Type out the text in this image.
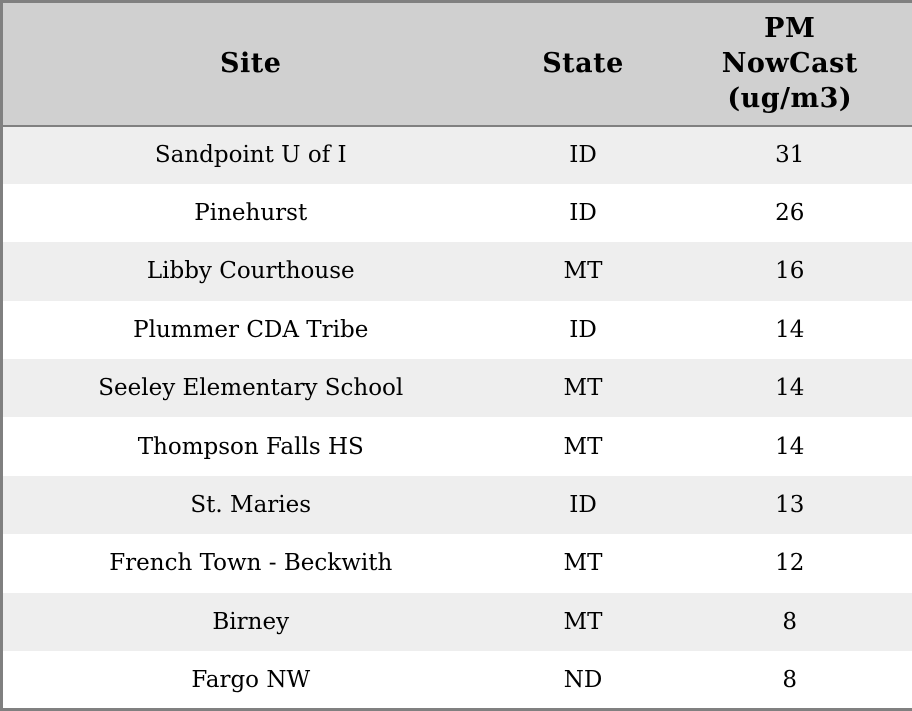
Site	State	PM NowCast (ug/m3)
Sandpoint U of I	ID	31
Pinehurst	ID	26
Libby Courthouse	MT	16
Plummer CDA Tribe	ID	14
Seeley Elementary School	MT	14
Thompson Falls HS	MT	14
St. Maries	ID	13
French Town - Beckwith	MT	12
Birney	MT	8
Fargo NW	ND	8
